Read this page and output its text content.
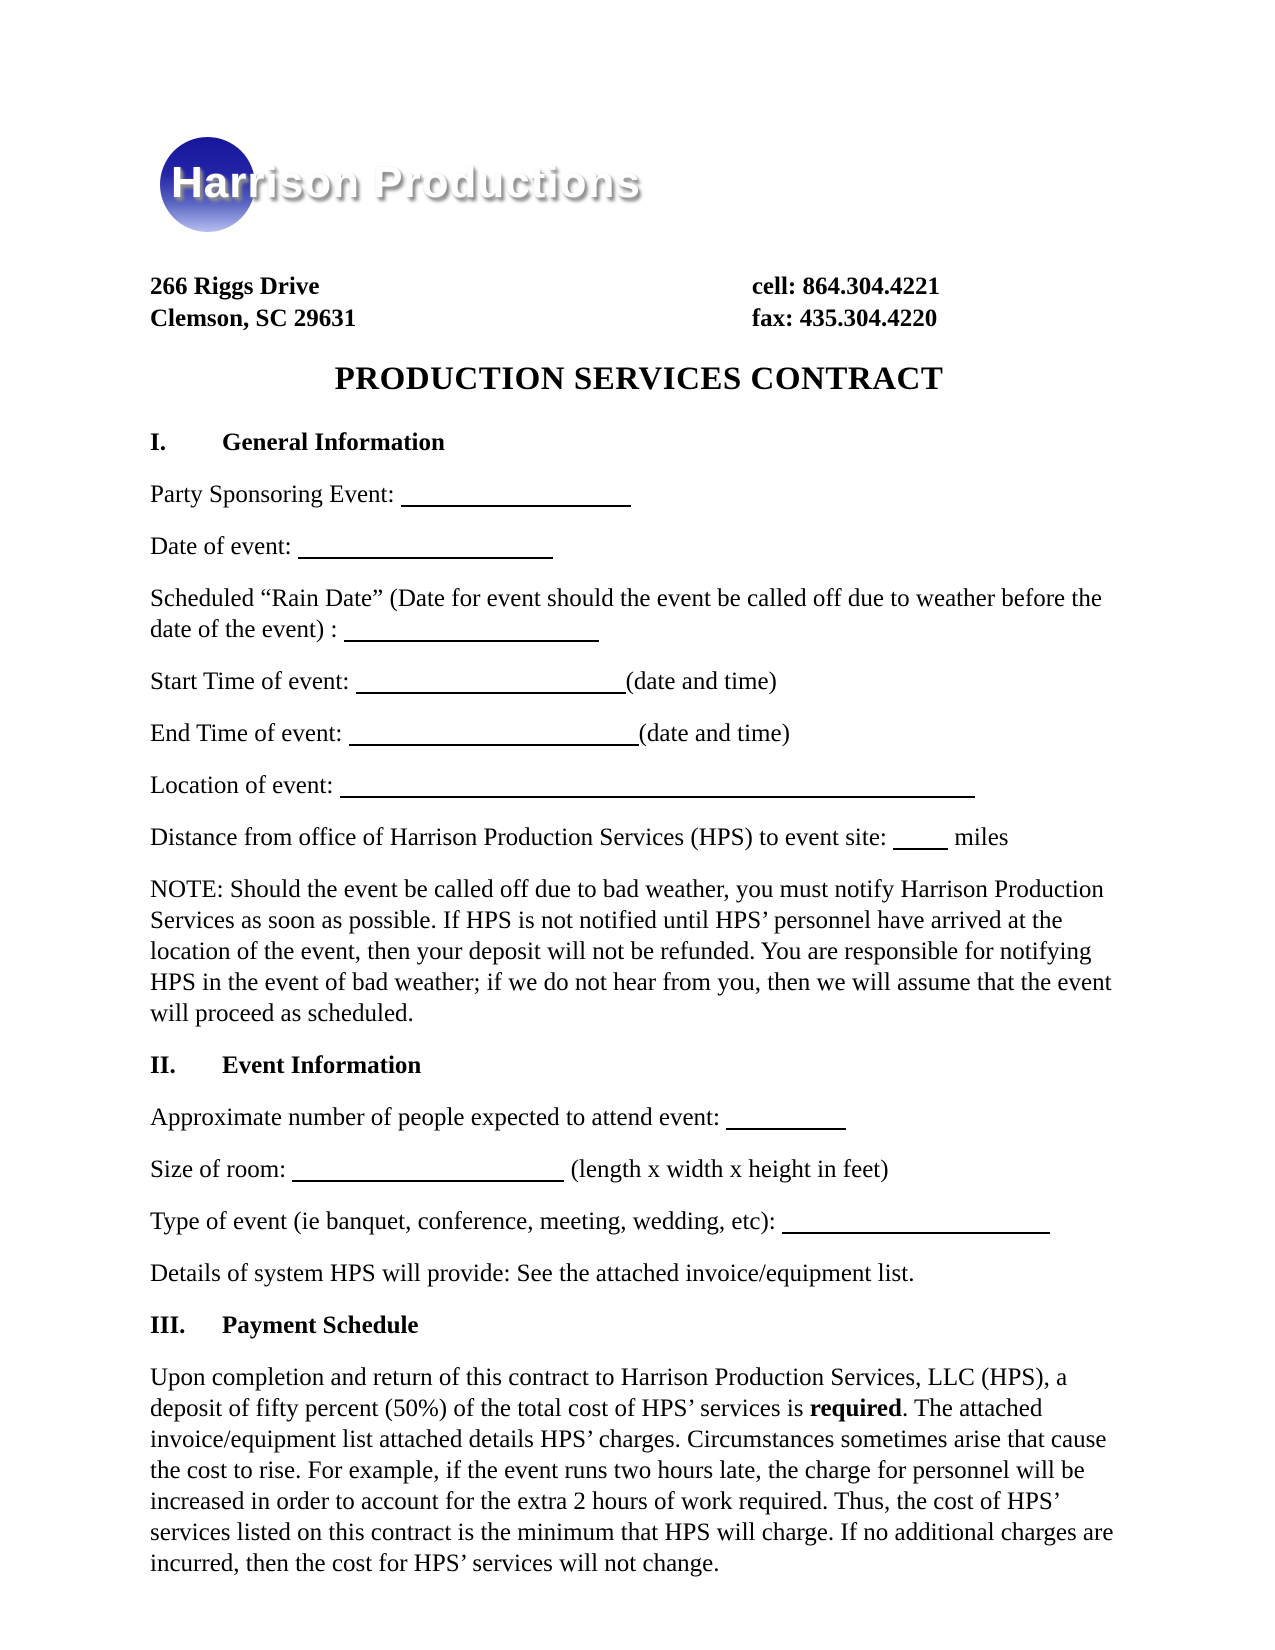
Harrison Productions
266 Riggs Drive
Clemson, SC 29631
cell: 864.304.4221
fax: 435.304.4220
PRODUCTION SERVICES CONTRACT
I. General Information

Party Sponsoring Event:

Date of event:

Scheduled “Rain Date” (Date for event should the event be called off due to weather before the date of the event) :

Start Time of event:	(date and time)

End Time of event:	(date and time)

Location of event:

Distance from office of Harrison Production Services (HPS) to event site:  miles

NOTE: Should the event be called off due to bad weather, you must notify Harrison Production Services as soon as possible. If HPS is not notified until HPS’ personnel have arrived at the location of the event, then your deposit will not be refunded. You are responsible for notifying HPS in the event of bad weather; if we do not hear from you, then we will assume that the event will proceed as scheduled.

II. Event Information

Approximate number of people expected to attend event:

Size of room:	(length x width x height in feet)

Type of event (ie banquet, conference, meeting, wedding, etc):

Details of system HPS will provide: See the attached invoice/equipment list.

III. Payment Schedule

Upon completion and return of this contract to Harrison Production Services, LLC (HPS), a deposit of fifty percent (50%) of the total cost of HPS’ services is required. The attached invoice/equipment list attached details HPS’ charges. Circumstances sometimes arise that cause the cost to rise. For example, if the event runs two hours late, the charge for personnel will be increased in order to account for the extra 2 hours of work required. Thus, the cost of HPS’ services listed on this contract is the minimum that HPS will charge. If no additional charges are incurred, then the cost for HPS’ services will not change.
